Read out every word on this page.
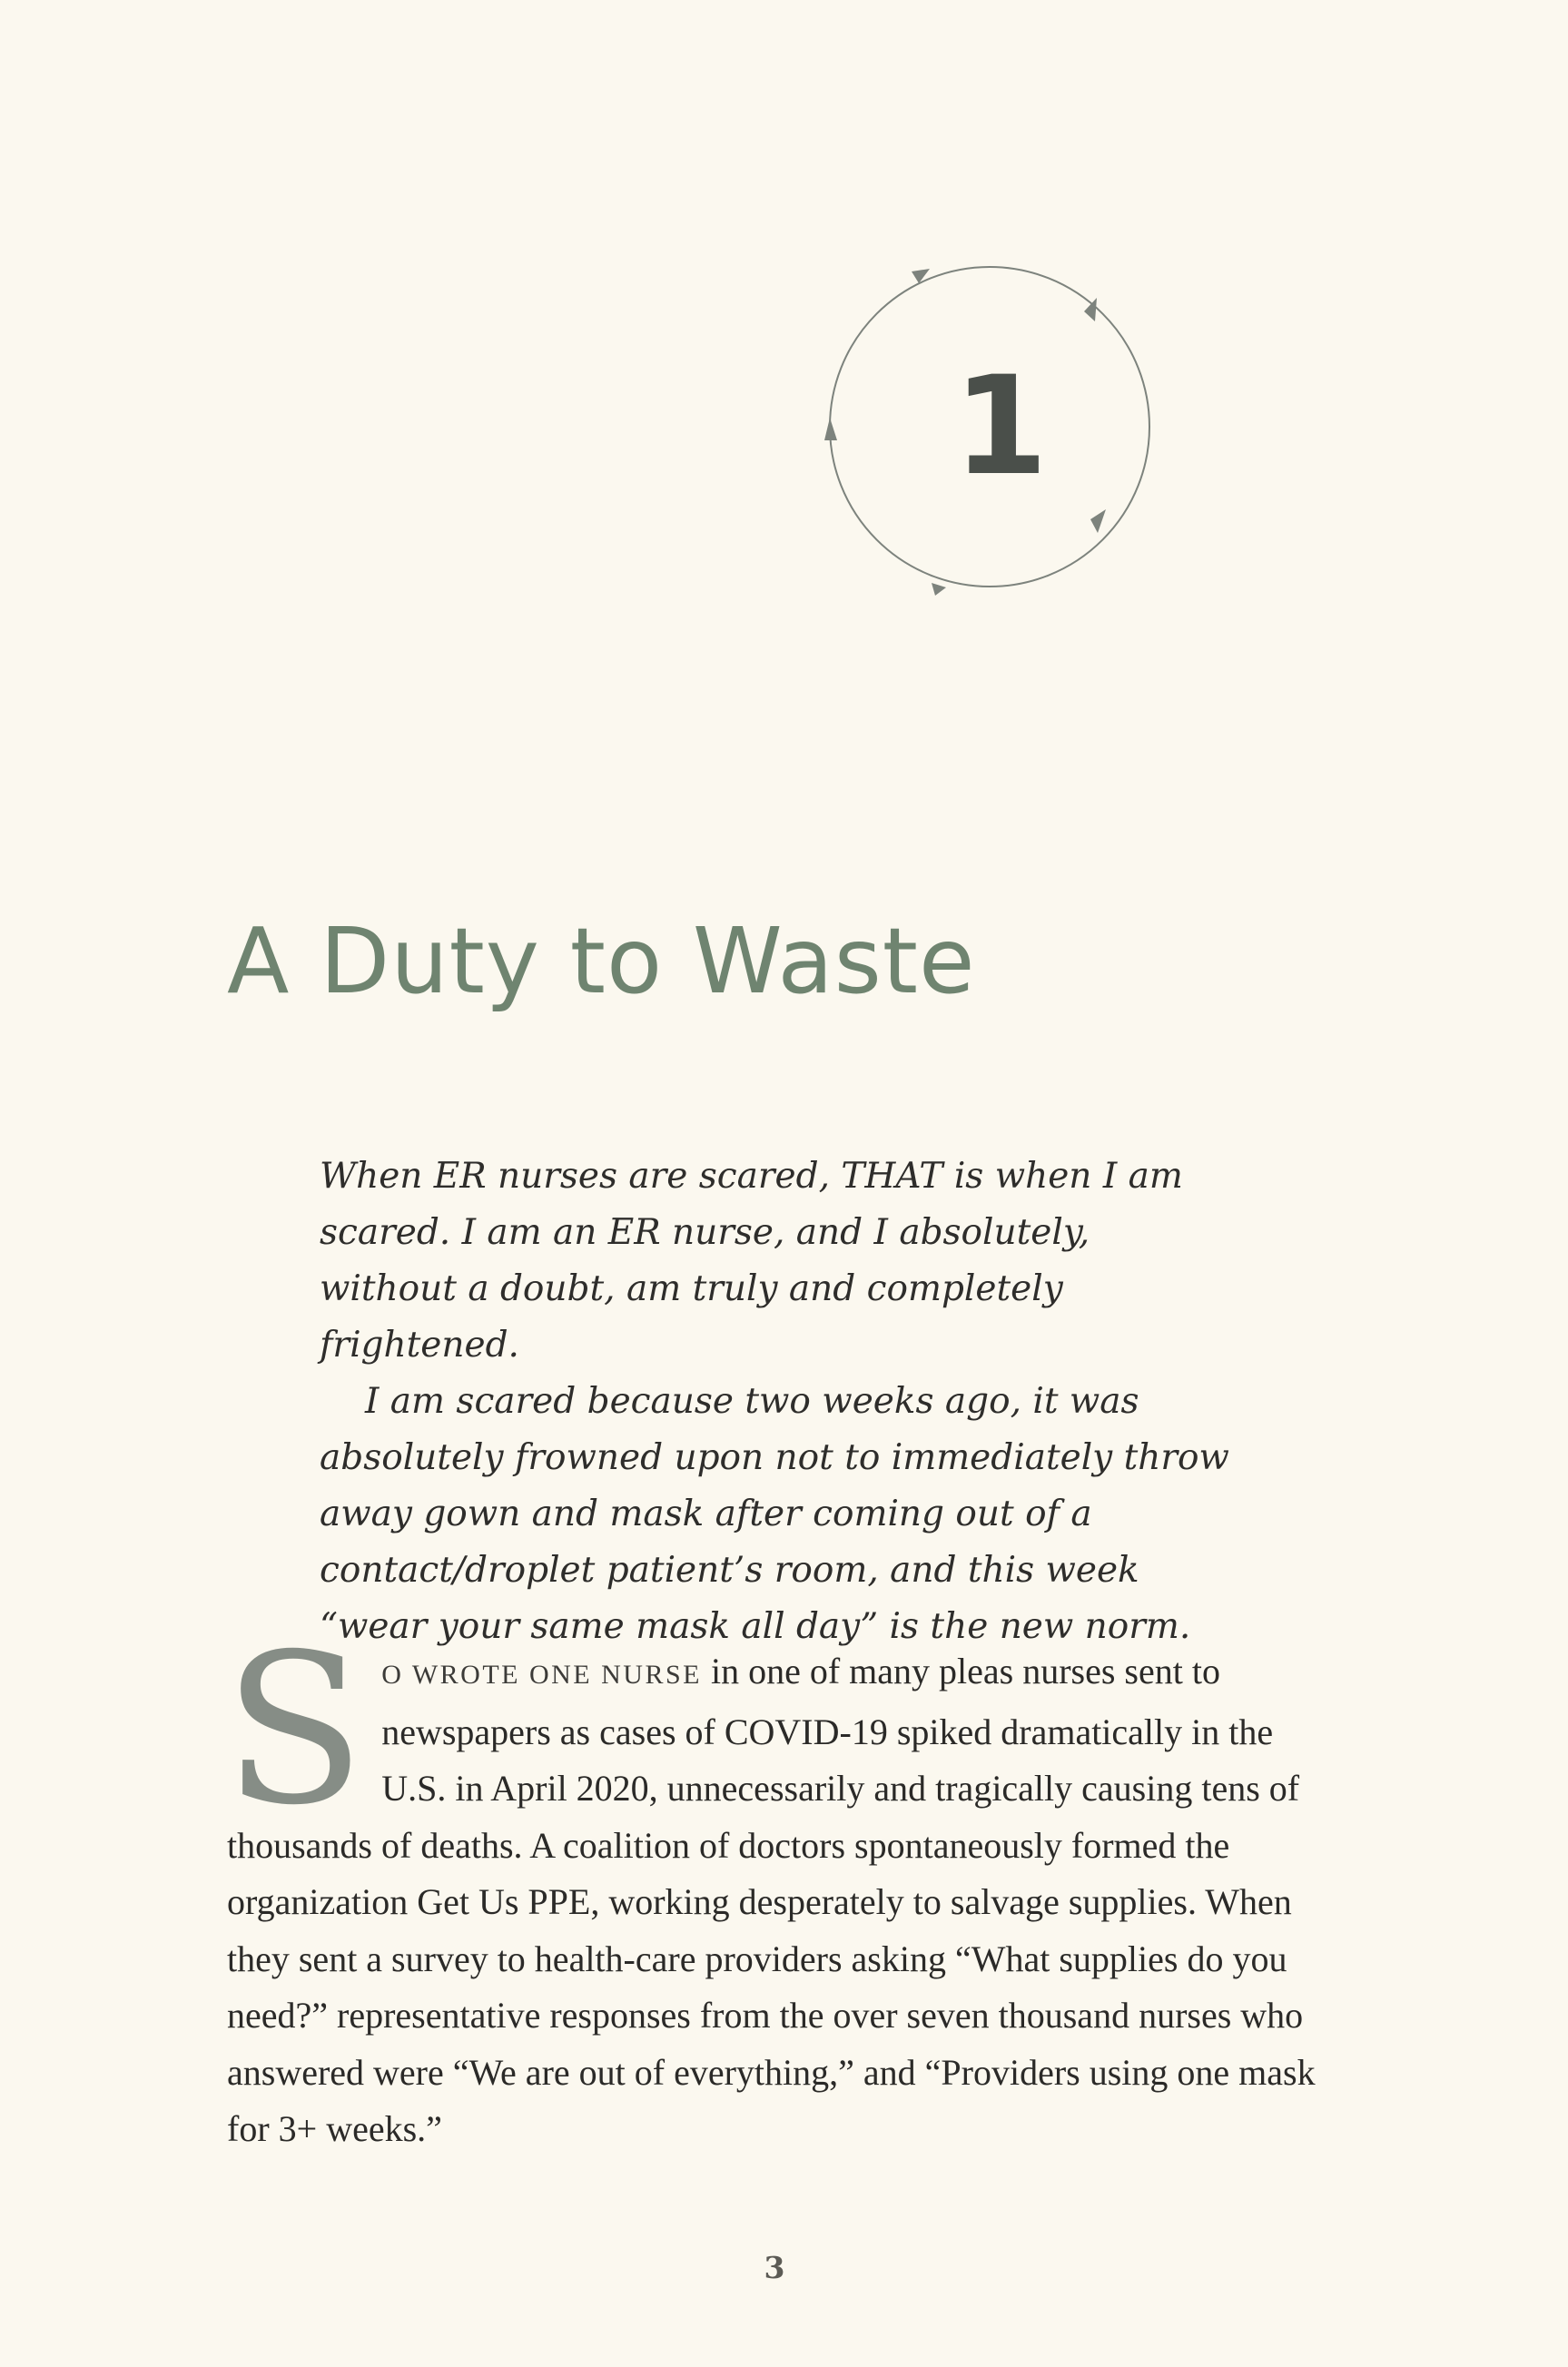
1
A Duty to Waste

When ER nurses are scared, THAT is when I am scared. I am an ER nurse, and I absolutely, without a doubt, am truly and completely frightened.

I am scared because two weeks ago, it was absolutely frowned upon not to immediately throw away gown and mask after coming out of a contact/droplet patient’s room, and this week “wear your same mask all day” is the new norm.

S O WROTE ONE NURSE in one of many pleas nurses sent to newspapers as cases of COVID-19 spiked dramatically in the U.S. in April 2020, unnecessarily and tragically causing tens of thousands of deaths. A coalition of doctors spontaneously formed the organization Get Us PPE, working desperately to salvage supplies. When they sent a survey to health-care providers asking “What supplies do you need?” representative responses from the over seven thousand nurses who answered were “We are out of everything,” and “Providers using one mask for 3+ weeks.”
3
